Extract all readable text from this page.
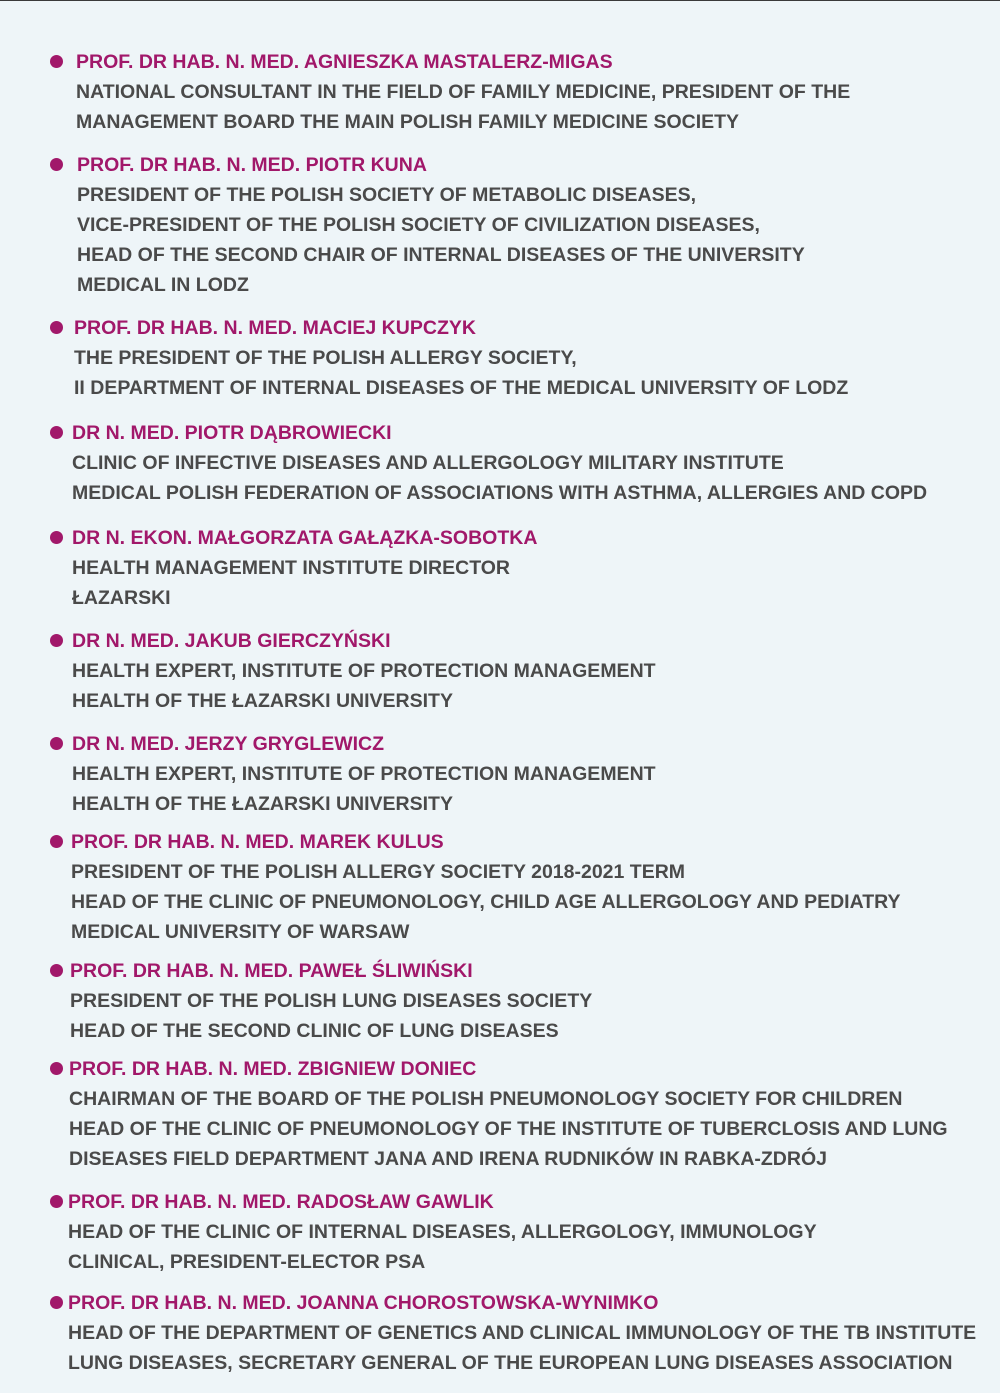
PROF. DR HAB. N. MED. AGNIESZKA MASTALERZ-MIGAS
NATIONAL CONSULTANT IN THE FIELD OF FAMILY MEDICINE, PRESIDENT OF THE
MANAGEMENT BOARD THE MAIN POLISH FAMILY MEDICINE SOCIETY
PROF. DR HAB. N. MED. PIOTR KUNA
PRESIDENT OF THE POLISH SOCIETY OF METABOLIC DISEASES,
VICE-PRESIDENT OF THE POLISH SOCIETY OF CIVILIZATION DISEASES,
HEAD OF THE SECOND CHAIR OF INTERNAL DISEASES OF THE UNIVERSITY
MEDICAL IN LODZ
PROF. DR HAB. N. MED. MACIEJ KUPCZYK
THE PRESIDENT OF THE POLISH ALLERGY SOCIETY,
II DEPARTMENT OF INTERNAL DISEASES OF THE MEDICAL UNIVERSITY OF LODZ
DR N. MED. PIOTR DĄBROWIECKI
CLINIC OF INFECTIVE DISEASES AND ALLERGOLOGY MILITARY INSTITUTE
MEDICAL POLISH FEDERATION OF ASSOCIATIONS WITH ASTHMA, ALLERGIES AND COPD
DR N. EKON. MAŁGORZATA GAŁĄZKA-SOBOTKA
HEALTH MANAGEMENT INSTITUTE DIRECTOR
ŁAZARSKI
DR N. MED. JAKUB GIERCZYŃSKI
HEALTH EXPERT, INSTITUTE OF PROTECTION MANAGEMENT
HEALTH OF THE ŁAZARSKI UNIVERSITY
DR N. MED. JERZY GRYGLEWICZ
HEALTH EXPERT, INSTITUTE OF PROTECTION MANAGEMENT
HEALTH OF THE ŁAZARSKI UNIVERSITY
PROF. DR HAB. N. MED. MAREK KULUS
PRESIDENT OF THE POLISH ALLERGY SOCIETY 2018-2021 TERM
HEAD OF THE CLINIC OF PNEUMONOLOGY, CHILD AGE ALLERGOLOGY AND PEDIATRY
MEDICAL UNIVERSITY OF WARSAW
PROF. DR HAB. N. MED. PAWEŁ ŚLIWIŃSKI
PRESIDENT OF THE POLISH LUNG DISEASES SOCIETY
HEAD OF THE SECOND CLINIC OF LUNG DISEASES
PROF. DR HAB. N. MED. ZBIGNIEW DONIEC
CHAIRMAN OF THE BOARD OF THE POLISH PNEUMONOLOGY SOCIETY FOR CHILDREN
HEAD OF THE CLINIC OF PNEUMONOLOGY OF THE INSTITUTE OF TUBERCLOSIS AND LUNG
DISEASES FIELD DEPARTMENT JANA AND IRENA RUDNIKÓW IN RABKA-ZDRÓJ
PROF. DR HAB. N. MED. RADOSŁAW GAWLIK
HEAD OF THE CLINIC OF INTERNAL DISEASES, ALLERGOLOGY, IMMUNOLOGY
CLINICAL, PRESIDENT-ELECTOR PSA
PROF. DR HAB. N. MED. JOANNA CHOROSTOWSKA-WYNIMKO
HEAD OF THE DEPARTMENT OF GENETICS AND CLINICAL IMMUNOLOGY OF THE TB INSTITUTE
LUNG DISEASES, SECRETARY GENERAL OF THE EUROPEAN LUNG DISEASES ASSOCIATION
